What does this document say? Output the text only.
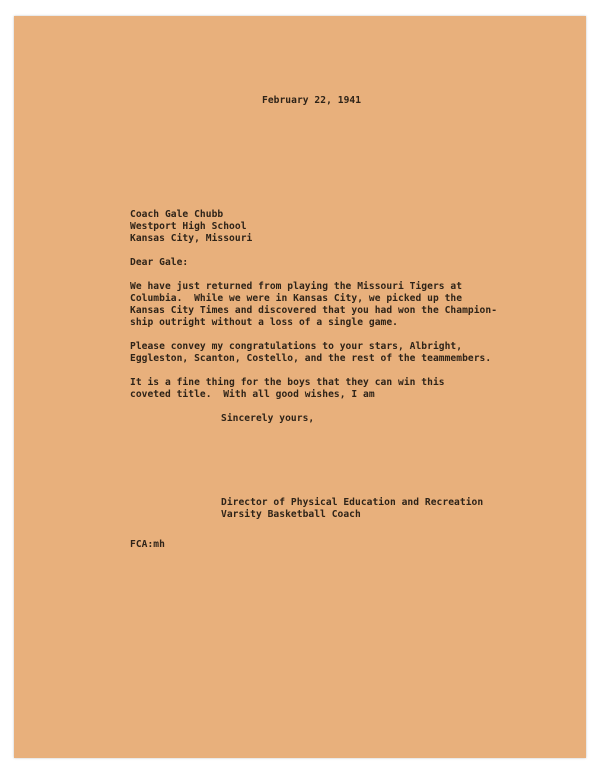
February 22, 1941
Coach Gale Chubb
Westport High School
Kansas City, Missouri
Dear Gale:
We have just returned from playing the Missouri Tigers at
Columbia.  While we were in Kansas City, we picked up the
Kansas City Times and discovered that you had won the Champion-
ship outright without a loss of a single game.
Please convey my congratulations to your stars, Albright,
Eggleston, Scanton, Costello, and the rest of the teammembers.
It is a fine thing for the boys that they can win this
coveted title.  With all good wishes, I am
Sincerely yours,
Director of Physical Education and Recreation
Varsity Basketball Coach
FCA:mh
